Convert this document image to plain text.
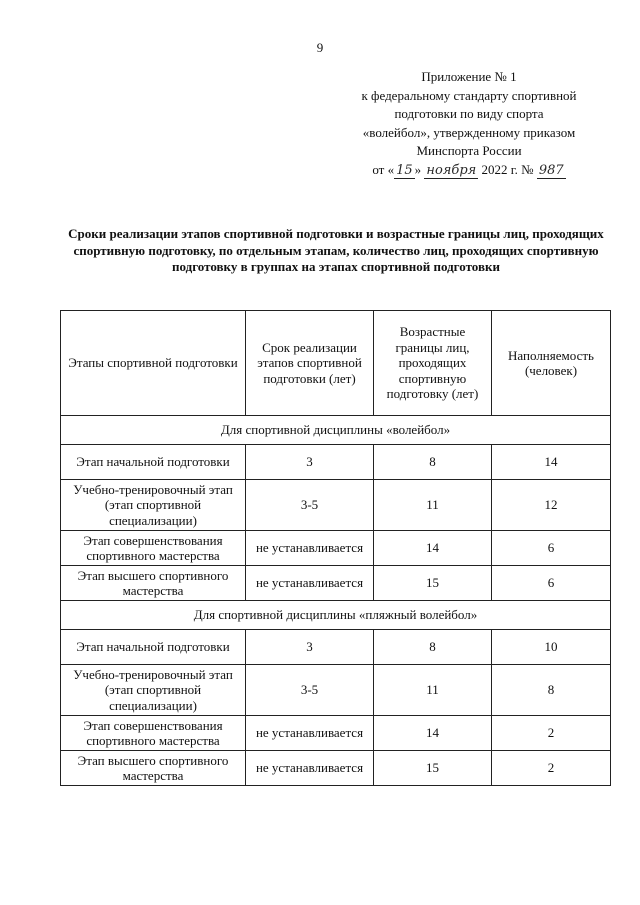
9
Приложение № 1
к федеральному стандарту спортивной
подготовки по виду спорта
«волейбол», утвержденному приказом
Минспорта России
от « 15 » ноября 2022 г. № 987
Сроки реализации этапов спортивной подготовки и возрастные границы лиц, проходящих спортивную подготовку, по отдельным этапам, количество лиц, проходящих спортивную подготовку в группах на этапах спортивной подготовки
Этапы спортивной подготовки	Срок реализации этапов спортивной подготовки (лет)	Возрастные границы лиц, проходящих спортивную подготовку (лет)	Наполняемость (человек)
Для спортивной дисциплины «волейбол»			
Этап начальной подготовки	3	8	14
Учебно-тренировочный этап (этап спортивной специализации)	3-5	11	12
Этап совершенствования спортивного мастерства	не устанавливается	14	6
Этап высшего спортивного мастерства	не устанавливается	15	6
Для спортивной дисциплины «пляжный волейбол»			
Этап начальной подготовки	3	8	10
Учебно-тренировочный этап (этап спортивной специализации)	3-5	11	8
Этап совершенствования спортивного мастерства	не устанавливается	14	2
Этап высшего спортивного мастерства	не устанавливается	15	2
